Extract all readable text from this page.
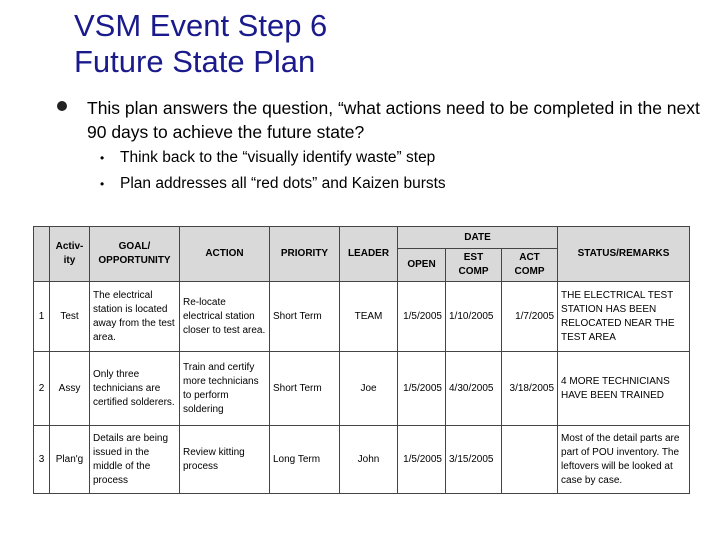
VSM Event Step 6
Future State Plan
This plan answers the question, “what actions need to be completed in the next 90 days to achieve the future state?
• Think back to the “visually identify waste” step
• Plan addresses all “red dots” and Kaizen bursts
	Activ-ity	GOAL/ OPPORTUNITY	ACTION	PRIORITY	LEADER	DATE			STATUS/REMARKS
						OPEN	EST COMP	ACT COMP	
1	Test	The electrical station is located away from the test area.	Re-locate electrical station closer to test area.	Short Term	TEAM	1/5/2005	1/10/2005	1/7/2005	THE ELECTRICAL TEST STATION HAS BEEN RELOCATED NEAR THE TEST AREA
2	Assy	Only three technicians are certified solderers.	Train and certify more technicians to perform soldering	Short Term	Joe	1/5/2005	4/30/2005	3/18/2005	4 MORE TECHNICIANS HAVE BEEN TRAINED
3	Plan'g	Details are being issued in the middle of the process	Review kitting process	Long Term	John	1/5/2005	3/15/2005		Most of the detail parts are part of POU inventory. The leftovers will be looked at case by case.
